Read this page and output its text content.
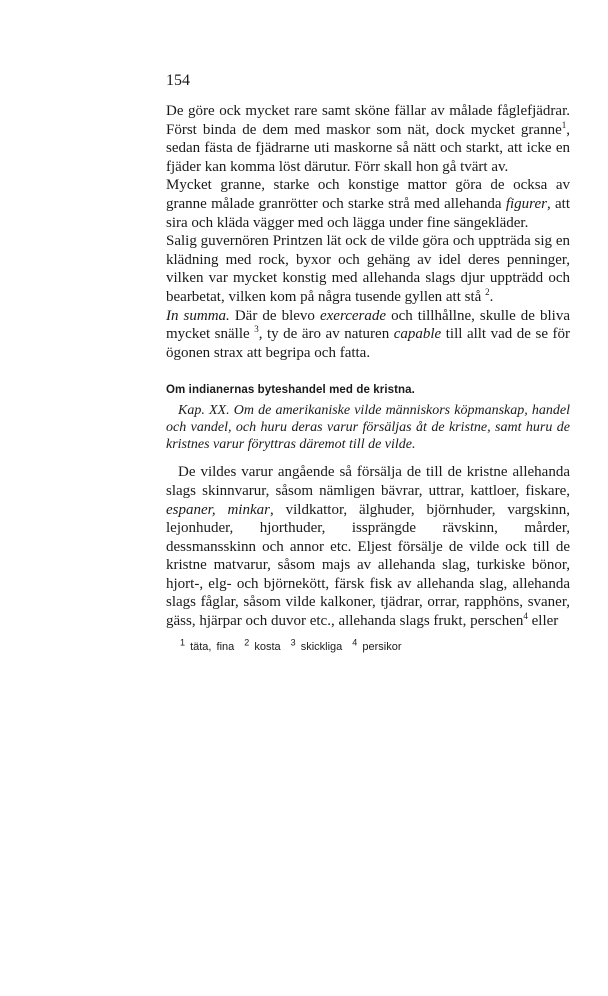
154

De göre ock mycket rare samt sköne fällar av målade fåglefjädrar. Först binda de dem med maskor som nät, dock mycket granne$^1$, sedan fästa de fjädrarne uti maskorne så nätt och starkt, att icke en fjäder kan komma löst därutur. Förr skall hon gå tvärt av.

Mycket granne, starke och konstige mattor göra de ocksa av granne målade granrötter och starke strå med allehanda figurer, att sira och kläda vägger med och lägga under fine sängekläder.

Salig guvernören Printzen lät ock de vilde göra och uppträda sig en klädning med rock, byxor och gehäng av idel deres penninger, vilken var mycket konstig med allehanda slags djur uppträdd och bearbetat, vilken kom på några tusende gyllen att stå $^2$.

In summa. Där de blevo exercerade och tillhållne, skulle de bliva mycket snälle $^3$, ty de äro av naturen capable till allt vad de se för ögonen strax att begripa och fatta.

Om indianernas byteshandel med de kristna.
Kap. XX. Om de amerikaniske vilde människors köpmanskap, handel och vandel, och huru deras varur försäljas åt de kristne, samt huru de kristnes varur föryttras däremot till de vilde.

De vildes varur angående så försälja de till de kristne allehanda slags skinnvarur, såsom nämligen bävrar, uttrar, kattloer, fiskare, espaner, minkar, vildkattor, älghuder, björnhuder, vargskinn, lejonhuder, hjorthuder, issprängde rävskinn, mårder, dessmansskinn och annor etc. Eljest försälje de vilde ock till de kristne matvarur, såsom majs av allehanda slag, turkiske bönor, hjort-, elg- och björnekött, färsk fisk av allehanda slag, allehanda slags fåglar, såsom vilde kalkoner, tjädrar, orrar, rapphöns, svaner, gäss, hjärpar och duvor etc., allehanda slags frukt, perschen$^4$ eller

$^1$ täta, fina $^2$ kosta $^3$ skickliga $^4$ persikor
